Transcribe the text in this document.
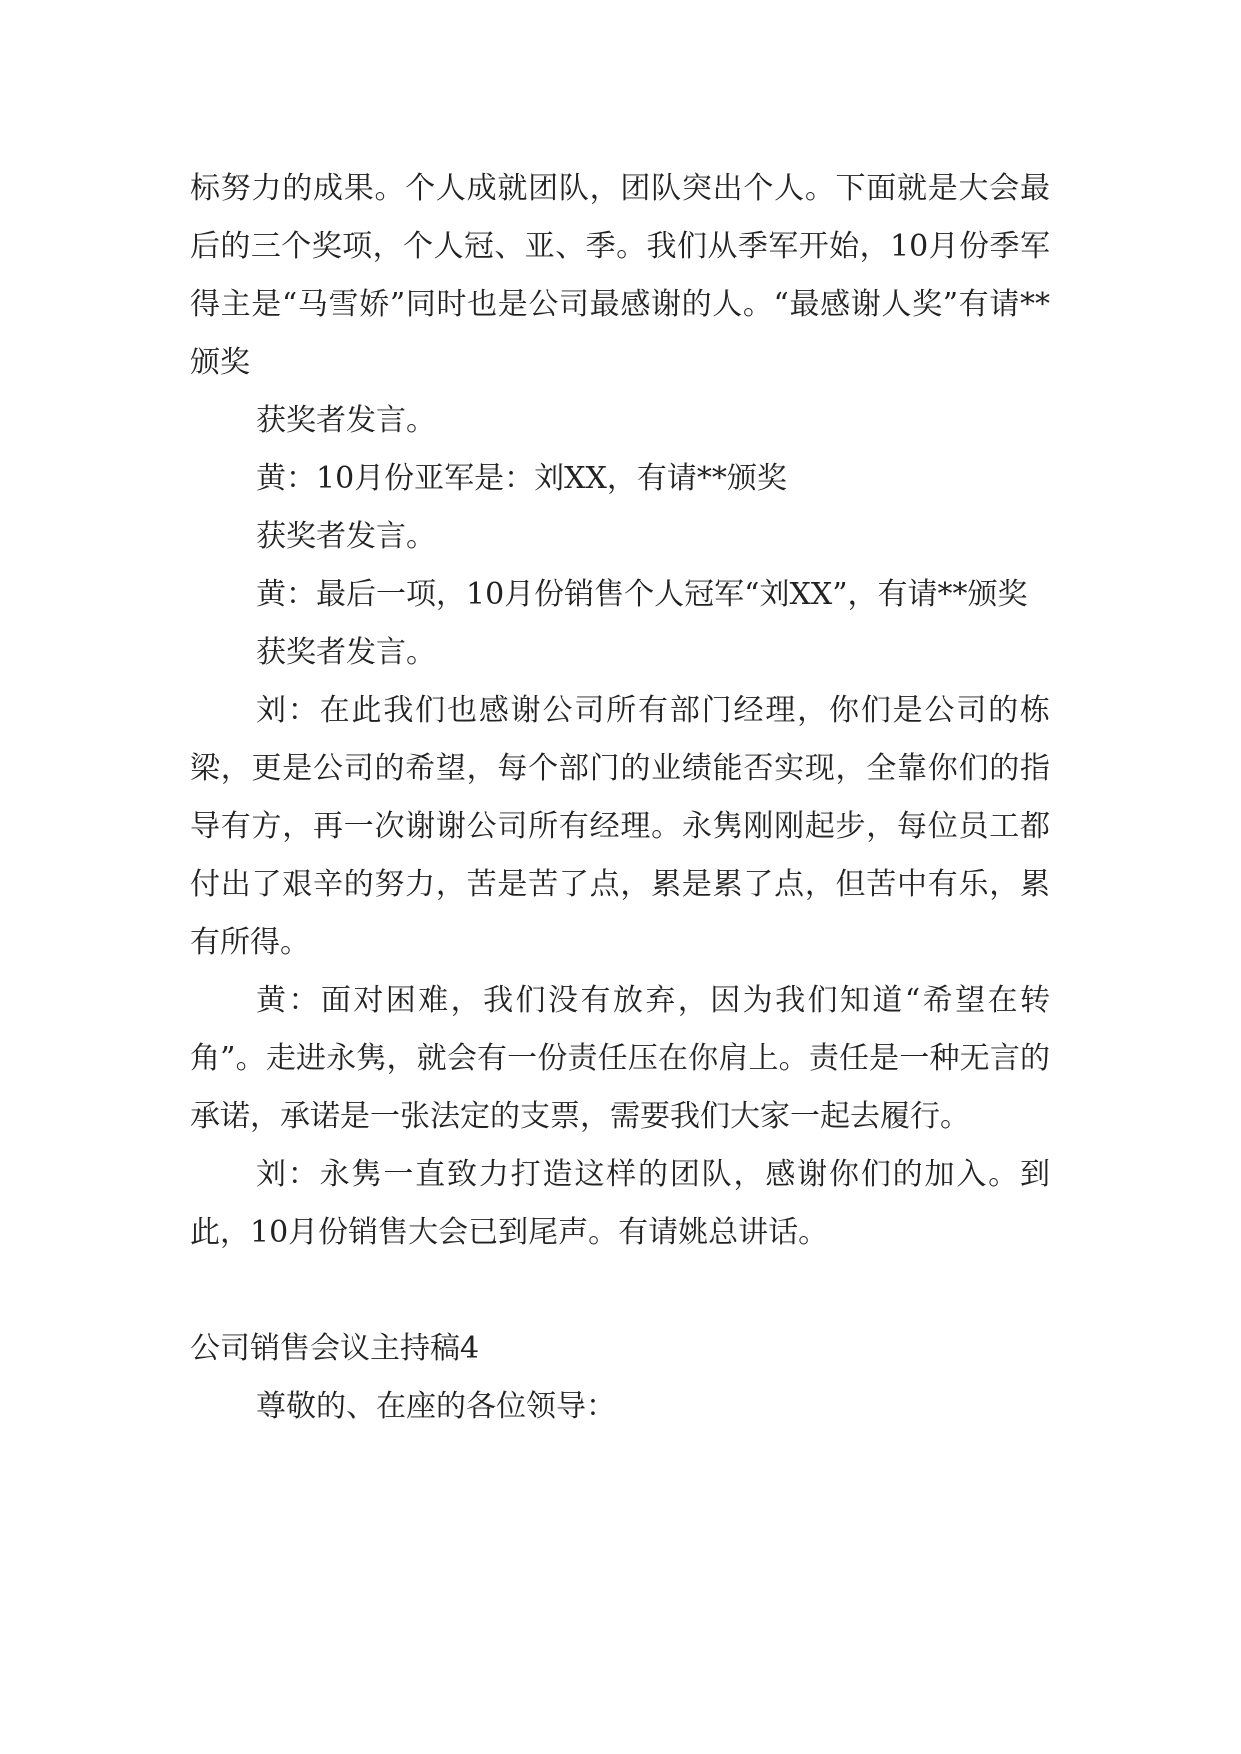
标努力的成果。个人成就团队，团队突出个人。下面就是大会最后的三个奖项，个人冠、亚、季。我们从季军开始，10月份季军得主是“马雪娇”同时也是公司最感谢的人。“最感谢人奖”有请**颁奖

获奖者发言。

黄：10月份亚军是：刘XX，有请**颁奖

获奖者发言。

黄：最后一项，10月份销售个人冠军“刘XX”，有请**颁奖

获奖者发言。

刘：在此我们也感谢公司所有部门经理，你们是公司的栋梁，更是公司的希望，每个部门的业绩能否实现，全靠你们的指导有方，再一次谢谢公司所有经理。永隽刚刚起步，每位员工都付出了艰辛的努力，苦是苦了点，累是累了点，但苦中有乐，累有所得。

黄：面对困难，我们没有放弃，因为我们知道“希望在转角”。走进永隽，就会有一份责任压在你肩上。责任是一种无言的承诺，承诺是一张法定的支票，需要我们大家一起去履行。

刘：永隽一直致力打造这样的团队，感谢你们的加入。到此，10月份销售大会已到尾声。有请姚总讲话。

公司销售会议主持稿4

尊敬的、在座的各位领导：
